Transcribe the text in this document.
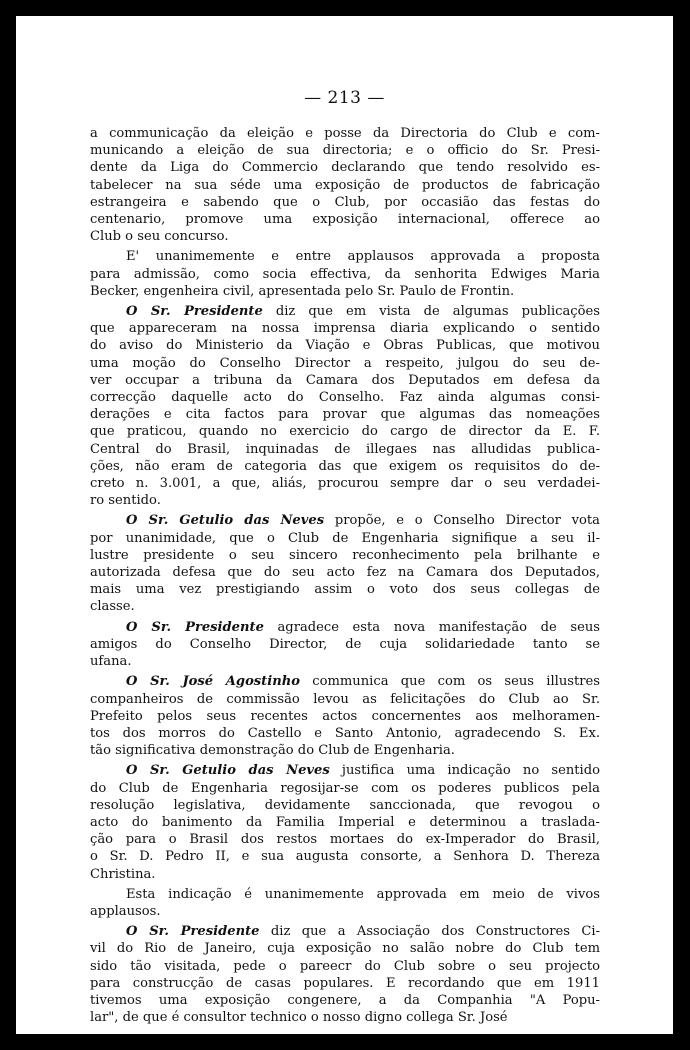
— 213 —
a communicação da eleição e posse da Directoria do Club e com-
municando a eleição de sua directoria; e o officio do Sr. Presi-
dente da Liga do Commercio declarando que tendo resolvido es-
tabelecer na sua séde uma exposição de productos de fabricação
estrangeira e sabendo que o Club, por occasião das festas do
centenario, promove uma exposição internacional, offerece ao
Club o seu concurso.
E' unanimemente e entre applausos approvada a proposta
para admissão, como socia effectiva, da senhorita Edwiges Maria
Becker, engenheira civil, apresentada pelo Sr. Paulo de Frontin.
O Sr. Presidente diz que em vista de algumas publicações
que appareceram na nossa imprensa diaria explicando o sentido
do aviso do Ministerio da Viação e Obras Publicas, que motivou
uma moção do Conselho Director a respeito, julgou do seu de-
ver occupar a tribuna da Camara dos Deputados em defesa da
correcção daquelle acto do Conselho. Faz ainda algumas consi-
derações e cita factos para provar que algumas das nomeações
que praticou, quando no exercicio do cargo de director da E. F.
Central do Brasil, inquinadas de illegaes nas alludidas publica-
ções, não eram de categoria das que exigem os requisitos do de-
creto n. 3.001, a que, aliás, procurou sempre dar o seu verdadei-
ro sentido.
O Sr. Getulio das Neves propõe, e o Conselho Director vota
por unanimidade, que o Club de Engenharia signifique a seu il-
lustre presidente o seu sincero reconhecimento pela brilhante e
autorizada defesa que do seu acto fez na Camara dos Deputados,
mais uma vez prestigiando assim o voto dos seus collegas de
classe.
O Sr. Presidente agradece esta nova manifestação de seus
amigos do Conselho Director, de cuja solidariedade tanto se
ufana.
O Sr. José Agostinho communica que com os seus illustres
companheiros de commissão levou as felicitações do Club ao Sr.
Prefeito pelos seus recentes actos concernentes aos melhoramen-
tos dos morros do Castello e Santo Antonio, agradecendo S. Ex.
tão significativa demonstração do Club de Engenharia.
O Sr. Getulio das Neves justifica uma indicação no sentido
do Club de Engenharia regosijar-se com os poderes publicos pela
resolução legislativa, devidamente sanccionada, que revogou o
acto do banimento da Familia Imperial e determinou a traslada-
ção para o Brasil dos restos mortaes do ex-Imperador do Brasil,
o Sr. D. Pedro II, e sua augusta consorte, a Senhora D. Thereza
Christina.
Esta indicação é unanimemente approvada em meio de vivos
applausos.
O Sr. Presidente diz que a Associação dos Constructores Ci-
vil do Rio de Janeiro, cuja exposição no salão nobre do Club tem
sido tão visitada, pede o pareecr do Club sobre o seu projecto
para construcção de casas populares. E recordando que em 1911
tivemos uma exposição congenere, a da Companhia "A Popu-
lar", de que é consultor technico o nosso digno collega Sr. José
